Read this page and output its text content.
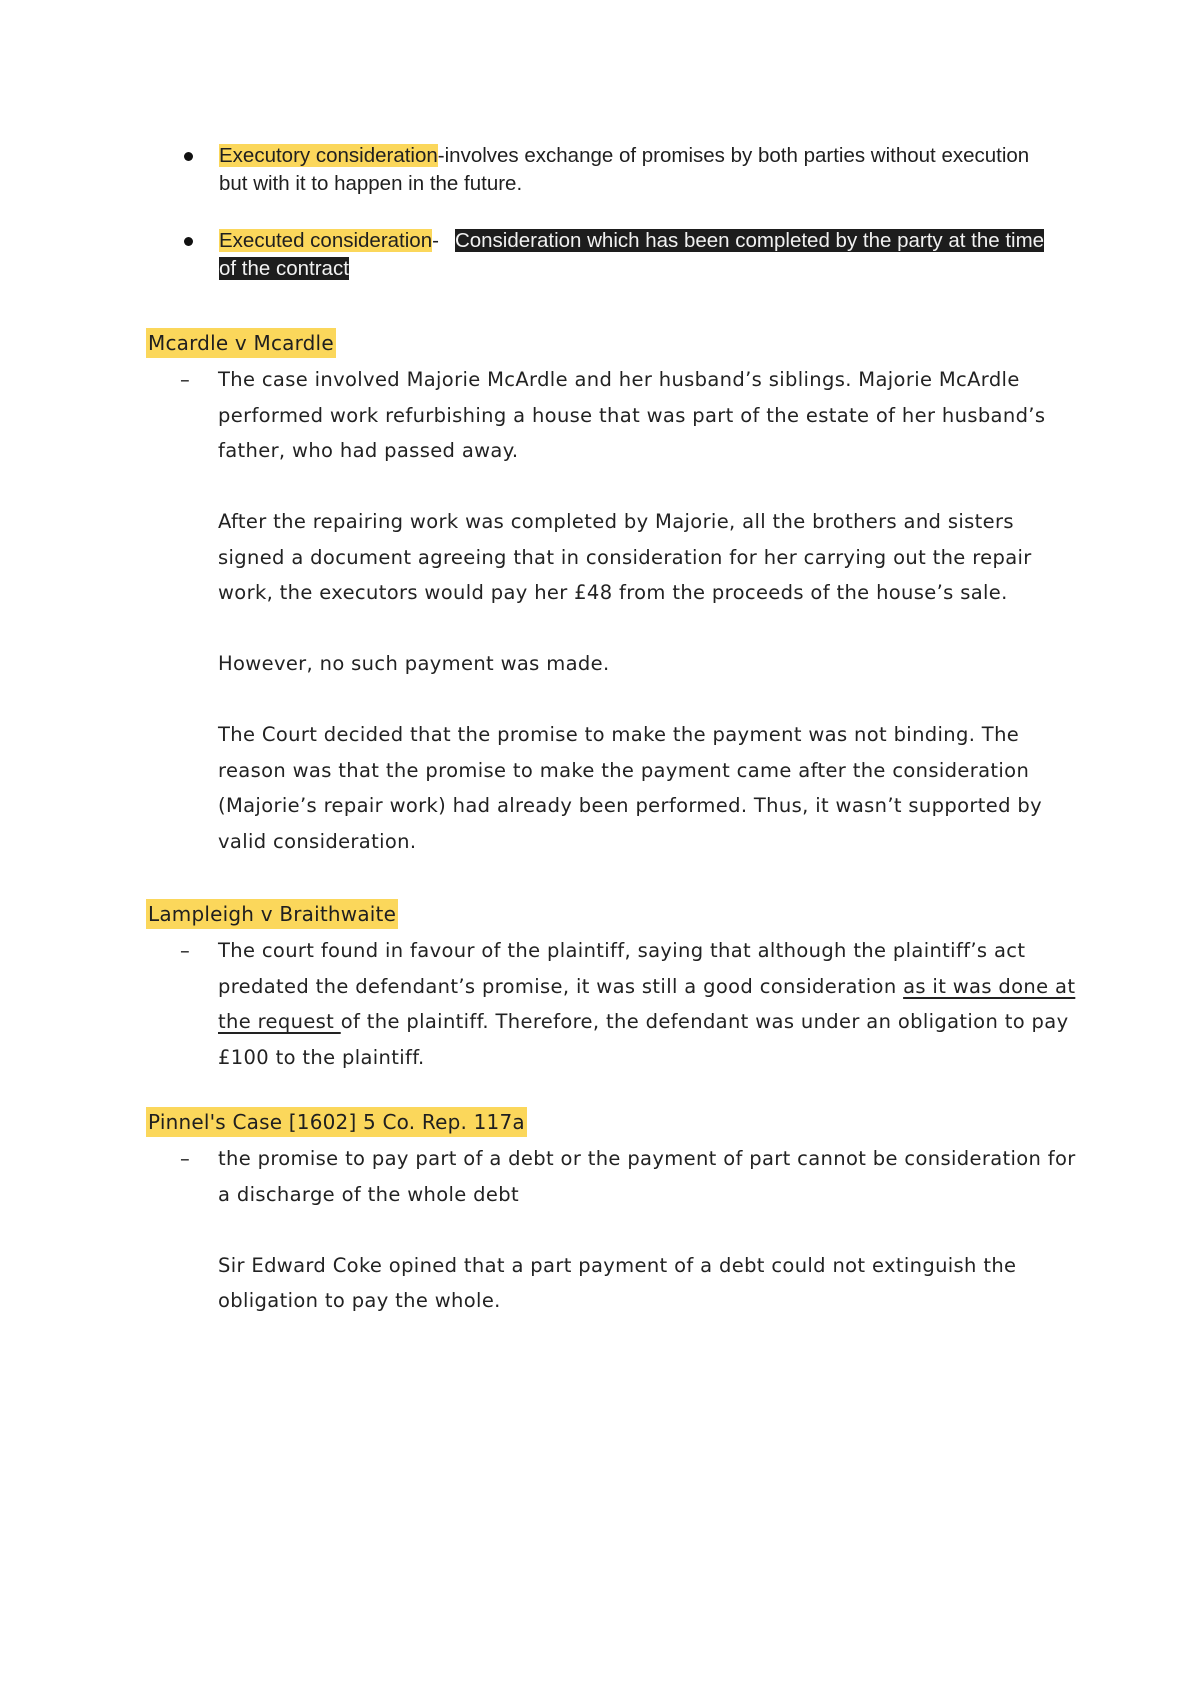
Executory consideration-involves exchange of promises by both parties without execution but with it to happen in the future.
Executed consideration- Consideration which has been completed by the party at the time of the contract
Mcardle v Mcardle
– The case involved Majorie McArdle and her husband’s siblings. Majorie McArdle performed work refurbishing a house that was part of the estate of her husband’s father, who had passed away.

After the repairing work was completed by Majorie, all the brothers and sisters signed a document agreeing that in consideration for her carrying out the repair work, the executors would pay her £48 from the proceeds of the house’s sale.

However, no such payment was made.

The Court decided that the promise to make the payment was not binding. The reason was that the promise to make the payment came after the consideration (Majorie’s repair work) had already been performed. Thus, it wasn’t supported by valid consideration.

Lampleigh v Braithwaite
– The court found in favour of the plaintiff, saying that although the plaintiff’s act predated the defendant’s promise, it was still a good consideration as it was done at the request of the plaintiff. Therefore, the defendant was under an obligation to pay £100 to the plaintiff.

Pinnel's Case [1602] 5 Co. Rep. 117a
– the promise to pay part of a debt or the payment of part cannot be consideration for a discharge of the whole debt

Sir Edward Coke opined that a part payment of a debt could not extinguish the obligation to pay the whole.
